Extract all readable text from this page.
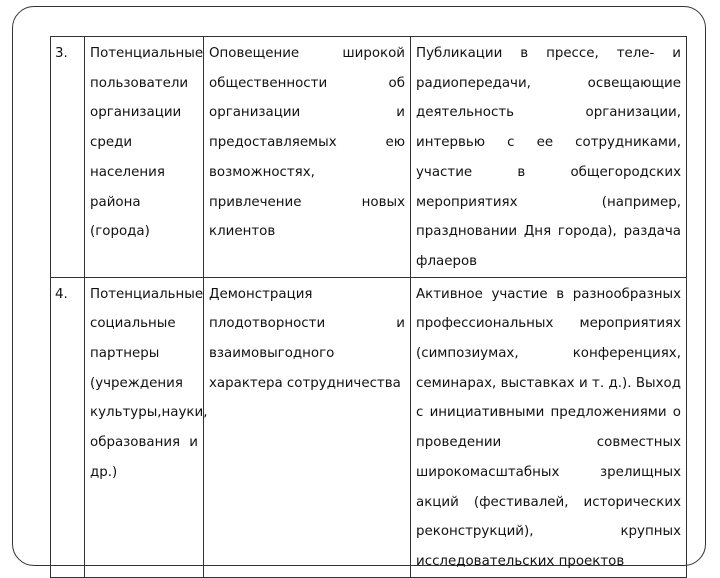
3.	Потенциальные пользователи организации среди населения района (города)	Оповещение широкой общественности об организации и предоставляемых ею возможностях, привлечение новых клиентов	Публикации в прессе, теле- и радиопередачи, освещающие деятельность организации, интервью с ее сотрудниками, участие в общегородских мероприятиях (например, праздновании Дня города), раздача флаеров
4.	Потенциальные социальные партнеры (учреждения культуры,науки, образования и др.)	Демонстрация плодотворности и взаимовыгодного характера сотрудничества	Активное участие в разнообразных профессиональных мероприятиях (симпозиумах, конференциях, семинарах, выставках и т. д.). Выход с инициативными предложениями о проведении совместных широкомасштабных зрелищных акций (фестивалей, исторических реконструкций), крупных исследовательских проектов
